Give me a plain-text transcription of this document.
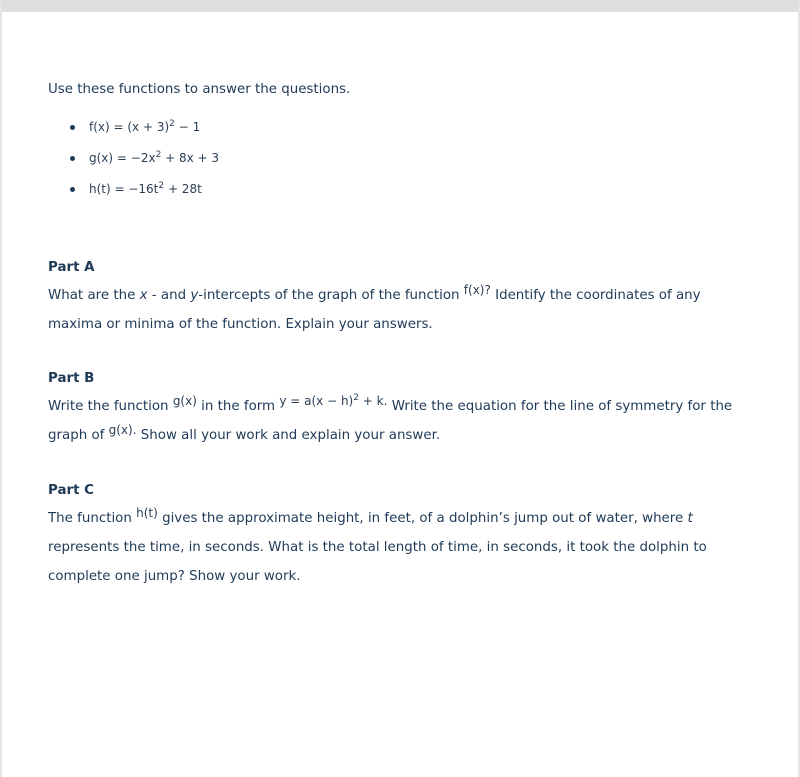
Use these functions to answer the questions.

$f(x) = (x + 3)^2 - 1$
$g(x) = -2x^2 + 8x + 3$
$h(t) = -16t^2 + 28t$

Part A

What are the x - and y-intercepts of the graph of the function f(x)? Identify the coordinates of any maxima or minima of the function. Explain your answers.

Part B

Write the function g(x) in the form $y = a(x - h)^2 + k$. Write the equation for the line of symmetry for the graph of g(x). Show all your work and explain your answer.

Part C

The function h(t) gives the approximate height, in feet, of a dolphin’s jump out of water, where t represents the time, in seconds. What is the total length of time, in seconds, it took the dolphin to complete one jump? Show your work.
